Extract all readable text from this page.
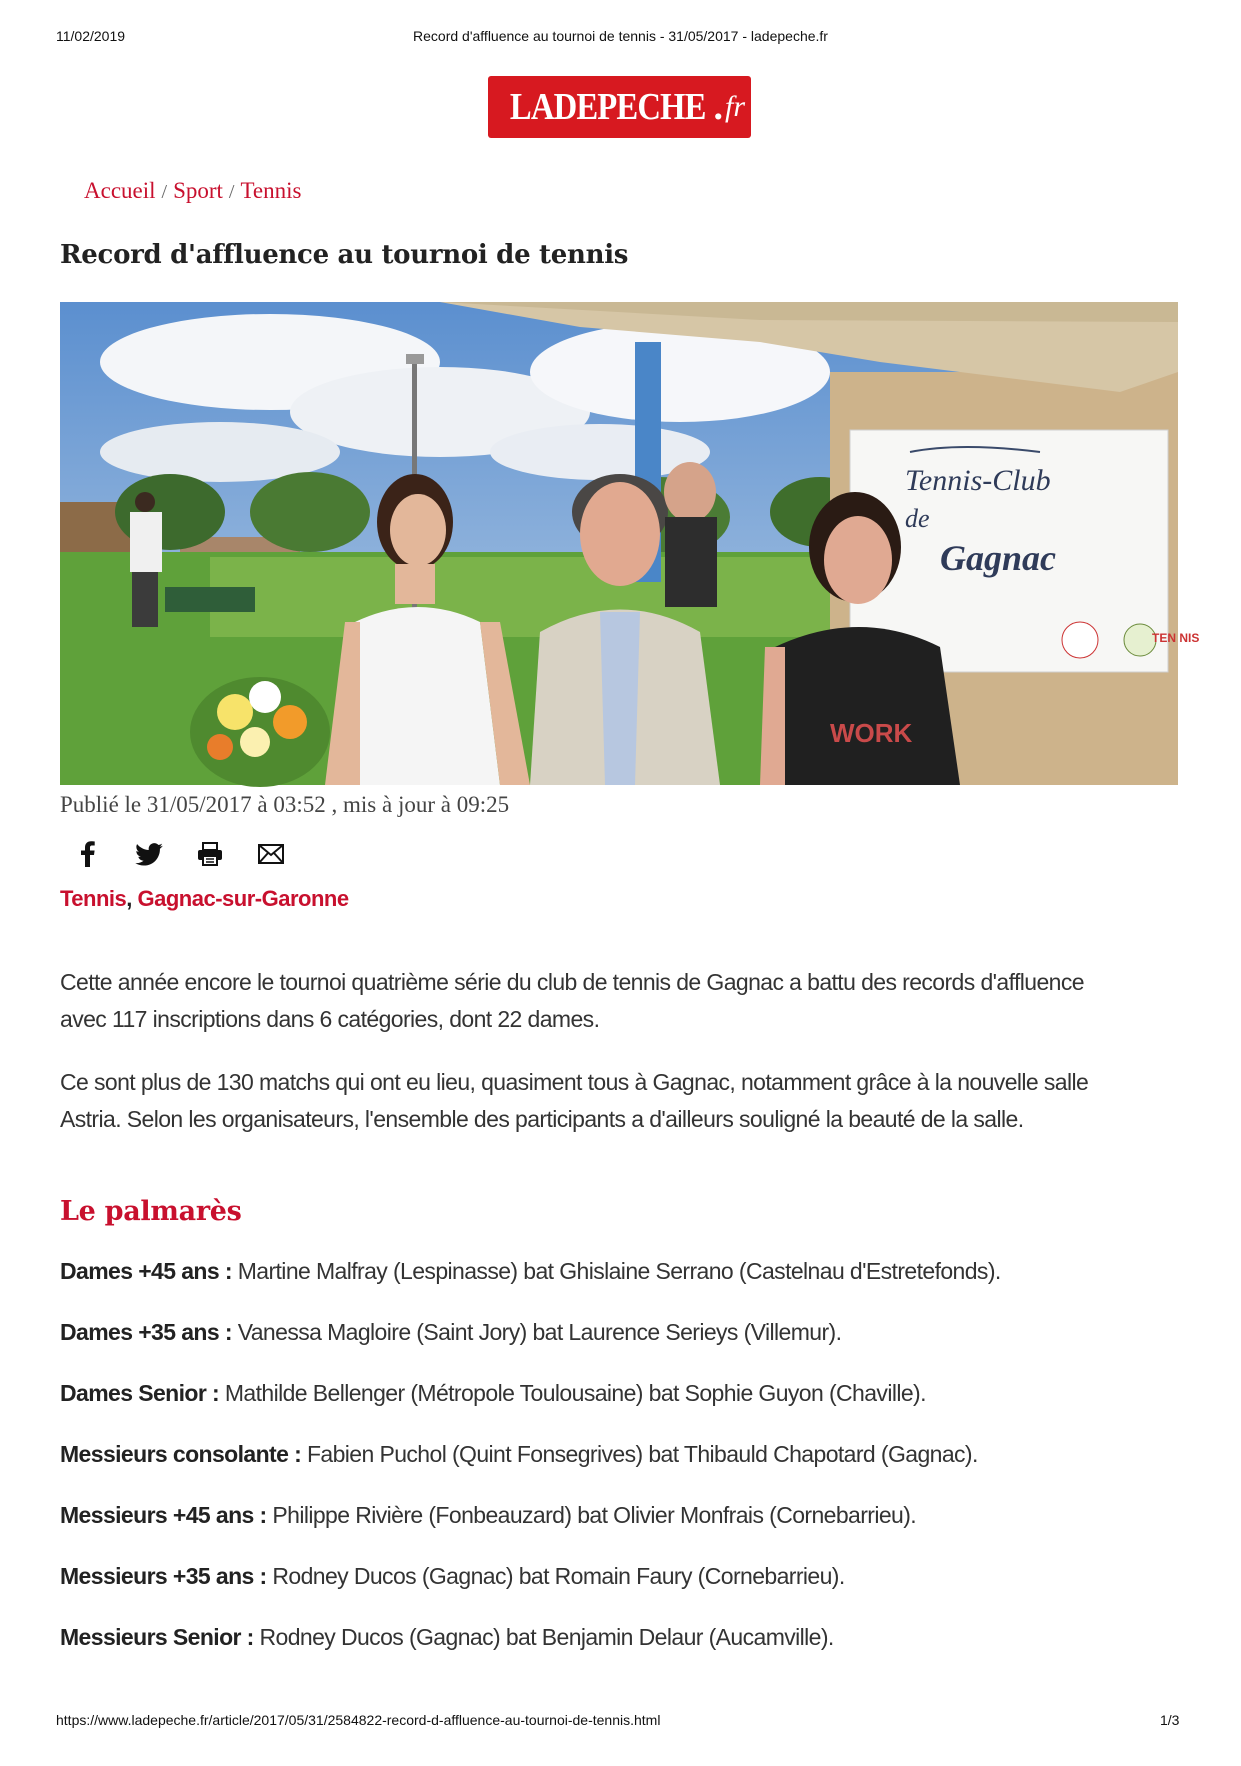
11/02/2019	Record d'affluence au tournoi de tennis - 31/05/2017 - ladepeche.fr
LADEPECHE . fr
Accueil / Sport / Tennis
Record d'affluence au tournoi de tennis
Tennis-Club
de
Gagnac
TEN NIS
WORK
Publié le 31/05/2017 à 03:52 , mis à jour à 09:25
Tennis, Gagnac-sur-Garonne

Cette année encore le tournoi quatrième série du club de tennis de Gagnac a battu des records d'affluence avec 117 inscriptions dans 6 catégories, dont 22 dames.

Ce sont plus de 130 matchs qui ont eu lieu, quasiment tous à Gagnac, notamment grâce à la nouvelle salle Astria. Selon les organisateurs, l'ensemble des participants a d'ailleurs souligné la beauté de la salle.

Le palmarès
Dames +45 ans : Martine Malfray (Lespinasse) bat Ghislaine Serrano (Castelnau d'Estretefonds).
Dames +35 ans : Vanessa Magloire (Saint Jory) bat Laurence Serieys (Villemur).
Dames Senior : Mathilde Bellenger (Métropole Toulousaine) bat Sophie Guyon (Chaville).
Messieurs consolante : Fabien Puchol (Quint Fonsegrives) bat Thibauld Chapotard (Gagnac).
Messieurs +45 ans : Philippe Rivière (Fonbeauzard) bat Olivier Monfrais (Cornebarrieu).
Messieurs +35 ans : Rodney Ducos (Gagnac) bat Romain Faury (Cornebarrieu).
Messieurs Senior : Rodney Ducos (Gagnac) bat Benjamin Delaur (Aucamville).
https://www.ladepeche.fr/article/2017/05/31/2584822-record-d-affluence-au-tournoi-de-tennis.html	1/3
